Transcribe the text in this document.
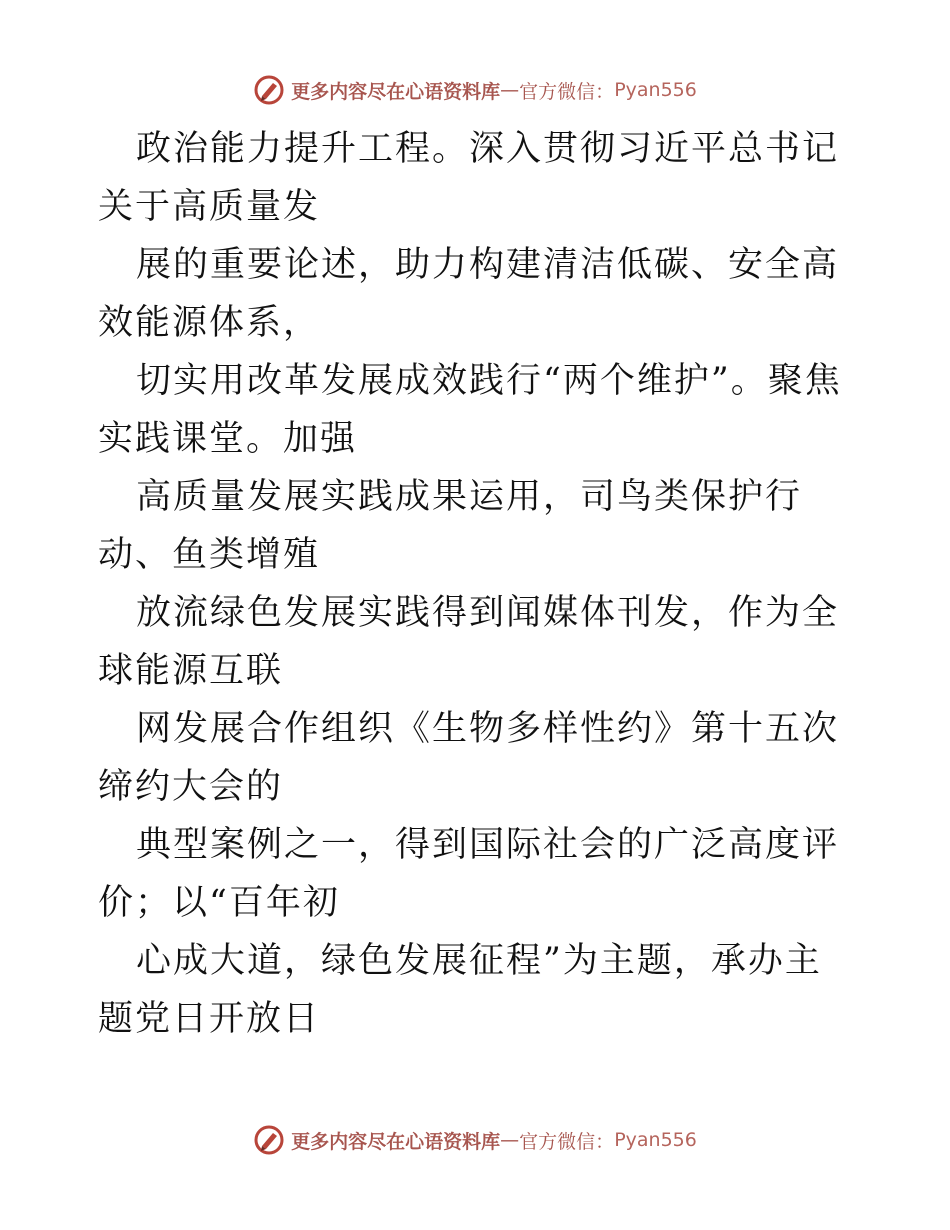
更多内容尽在心语资料库 — 官方微信： Pyan556

政治能力提升工程。深入贯彻习近平总书记关于高质量发

展的重要论述，助力构建清洁低碳、安全高效能源体系，

切实用改革发展成效践行“两个维护”。聚焦实践课堂。加强

高质量发展实践成果运用，司鸟类保护行动、鱼类增殖

放流绿色发展实践得到闻媒体刊发，作为全球能源互联

网发展合作组织《生物多样性约》第十五次缔约大会的

典型案例之一，得到国际社会的广泛高度评价；以“百年初

心成大道，绿色发展征程”为主题，承办主题党日开放日

更多内容尽在心语资料库 — 官方微信： Pyan556
